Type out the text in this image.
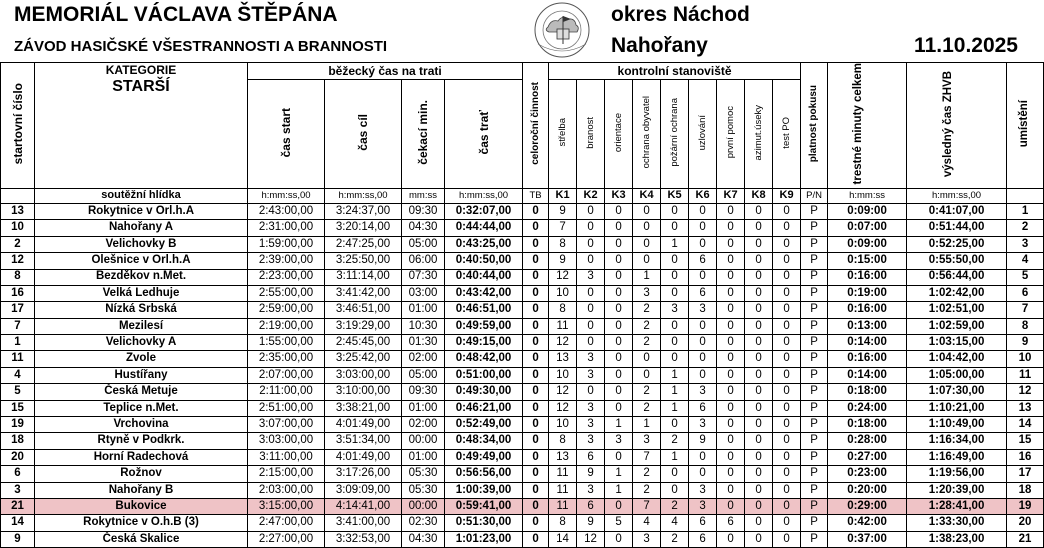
MEMORIÁL VÁCLAVA ŠTĚPÁNA
ZÁVOD HASIČSKÉ VŠESTRANNOSTI A BRANNOSTI
okres Náchod
Nahořany	11.10.2025
startovní číslo	KATEGORIE
STARŠÍ	běžecký čas na trati				celoroční činnost	kontrolní stanoviště									platnost pokusu	trestné minuty celkem	výsledný čas ZHVB	umístění
		čas start	čas cíl	čekací min.	čas trať		střelba	branost	orientace	ochrana obyvatel	požární ochrana	uzlování	první pomoc	azimut.úseky	test PO				
	soutěžní hlídka	h:mm:ss,00	h:mm:ss,00	mm:ss	h:mm:ss,00	TB	K1	K2	K3	K4	K5	K6	K7	K8	K9	P/N	h:mm:ss	h:mm:ss,00	
13	Rokytnice v Orl.h.A	2:43:00,00	3:24:37,00	09:30	0:32:07,00	0	9	0	0	0	0	0	0	0	0	P	0:09:00	0:41:07,00	1
10	Nahořany A	2:31:00,00	3:20:14,00	04:30	0:44:44,00	0	7	0	0	0	0	0	0	0	0	P	0:07:00	0:51:44,00	2
2	Velichovky B	1:59:00,00	2:47:25,00	05:00	0:43:25,00	0	8	0	0	0	1	0	0	0	0	P	0:09:00	0:52:25,00	3
12	Olešnice v Orl.h.A	2:39:00,00	3:25:50,00	06:00	0:40:50,00	0	9	0	0	0	0	6	0	0	0	P	0:15:00	0:55:50,00	4
8	Bezděkov n.Met.	2:23:00,00	3:11:14,00	07:30	0:40:44,00	0	12	3	0	1	0	0	0	0	0	P	0:16:00	0:56:44,00	5
16	Velká Ledhuje	2:55:00,00	3:41:42,00	03:00	0:43:42,00	0	10	0	0	3	0	6	0	0	0	P	0:19:00	1:02:42,00	6
17	Nízká Srbská	2:59:00,00	3:46:51,00	01:00	0:46:51,00	0	8	0	0	2	3	3	0	0	0	P	0:16:00	1:02:51,00	7
7	Mezilesí	2:19:00,00	3:19:29,00	10:30	0:49:59,00	0	11	0	0	2	0	0	0	0	0	P	0:13:00	1:02:59,00	8
1	Velichovky A	1:55:00,00	2:45:45,00	01:30	0:49:15,00	0	12	0	0	2	0	0	0	0	0	P	0:14:00	1:03:15,00	9
11	Zvole	2:35:00,00	3:25:42,00	02:00	0:48:42,00	0	13	3	0	0	0	0	0	0	0	P	0:16:00	1:04:42,00	10
4	Hustířany	2:07:00,00	3:03:00,00	05:00	0:51:00,00	0	10	3	0	0	1	0	0	0	0	P	0:14:00	1:05:00,00	11
5	Česká Metuje	2:11:00,00	3:10:00,00	09:30	0:49:30,00	0	12	0	0	2	1	3	0	0	0	P	0:18:00	1:07:30,00	12
15	Teplice n.Met.	2:51:00,00	3:38:21,00	01:00	0:46:21,00	0	12	3	0	2	1	6	0	0	0	P	0:24:00	1:10:21,00	13
19	Vrchovina	3:07:00,00	4:01:49,00	02:00	0:52:49,00	0	10	3	1	1	0	3	0	0	0	P	0:18:00	1:10:49,00	14
18	Rtyně v Podkrk.	3:03:00,00	3:51:34,00	00:00	0:48:34,00	0	8	3	3	3	2	9	0	0	0	P	0:28:00	1:16:34,00	15
20	Horní Radechová	3:11:00,00	4:01:49,00	01:00	0:49:49,00	0	13	6	0	7	1	0	0	0	0	P	0:27:00	1:16:49,00	16
6	Rožnov	2:15:00,00	3:17:26,00	05:30	0:56:56,00	0	11	9	1	2	0	0	0	0	0	P	0:23:00	1:19:56,00	17
3	Nahořany B	2:03:00,00	3:09:09,00	05:30	1:00:39,00	0	11	3	1	2	0	3	0	0	0	P	0:20:00	1:20:39,00	18
21	Bukovice	3:15:00,00	4:14:41,00	00:00	0:59:41,00	0	11	6	0	7	2	3	0	0	0	P	0:29:00	1:28:41,00	19
14	Rokytnice v O.h.B (3)	2:47:00,00	3:41:00,00	02:30	0:51:30,00	0	8	9	5	4	4	6	6	0	0	P	0:42:00	1:33:30,00	20
9	Česká Skalice	2:27:00,00	3:32:53,00	04:30	1:01:23,00	0	14	12	0	3	2	6	0	0	0	P	0:37:00	1:38:23,00	21
